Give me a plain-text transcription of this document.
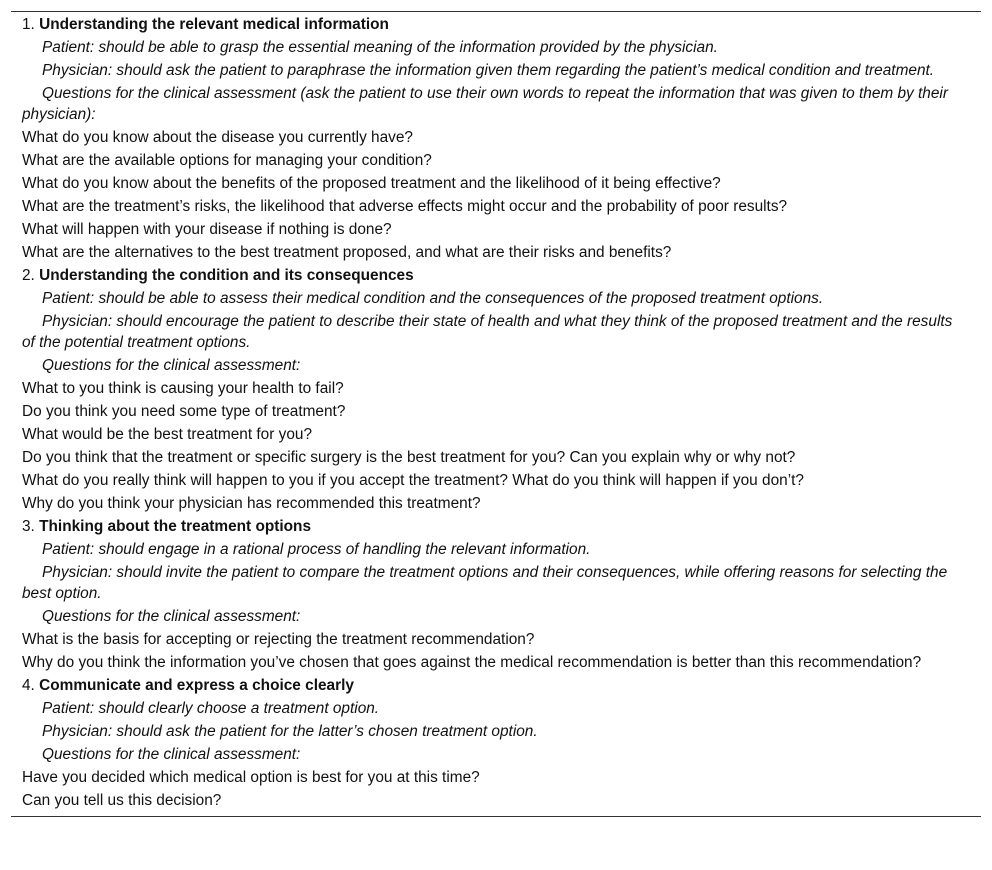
1. Understanding the relevant medical information
Patient: should be able to grasp the essential meaning of the information provided by the physician.
Physician: should ask the patient to paraphrase the information given them regarding the patient’s medical condition and treatment.
Questions for the clinical assessment (ask the patient to use their own words to repeat the information that was given to them by their physician):
What do you know about the disease you currently have?
What are the available options for managing your condition?
What do you know about the benefits of the proposed treatment and the likelihood of it being effective?
What are the treatment’s risks, the likelihood that adverse effects might occur and the probability of poor results?
What will happen with your disease if nothing is done?
What are the alternatives to the best treatment proposed, and what are their risks and benefits?
2. Understanding the condition and its consequences
Patient: should be able to assess their medical condition and the consequences of the proposed treatment options.
Physician: should encourage the patient to describe their state of health and what they think of the proposed treatment and the results of the potential treatment options.
Questions for the clinical assessment:
What to you think is causing your health to fail?
Do you think you need some type of treatment?
What would be the best treatment for you?
Do you think that the treatment or specific surgery is the best treatment for you? Can you explain why or why not?
What do you really think will happen to you if you accept the treatment? What do you think will happen if you don’t?
Why do you think your physician has recommended this treatment?
3. Thinking about the treatment options
Patient: should engage in a rational process of handling the relevant information.
Physician: should invite the patient to compare the treatment options and their consequences, while offering reasons for selecting the best option.
Questions for the clinical assessment:
What is the basis for accepting or rejecting the treatment recommendation?
Why do you think the information you’ve chosen that goes against the medical recommendation is better than this recommendation?
4. Communicate and express a choice clearly
Patient: should clearly choose a treatment option.
Physician: should ask the patient for the latter’s chosen treatment option.
Questions for the clinical assessment:
Have you decided which medical option is best for you at this time?
Can you tell us this decision?
